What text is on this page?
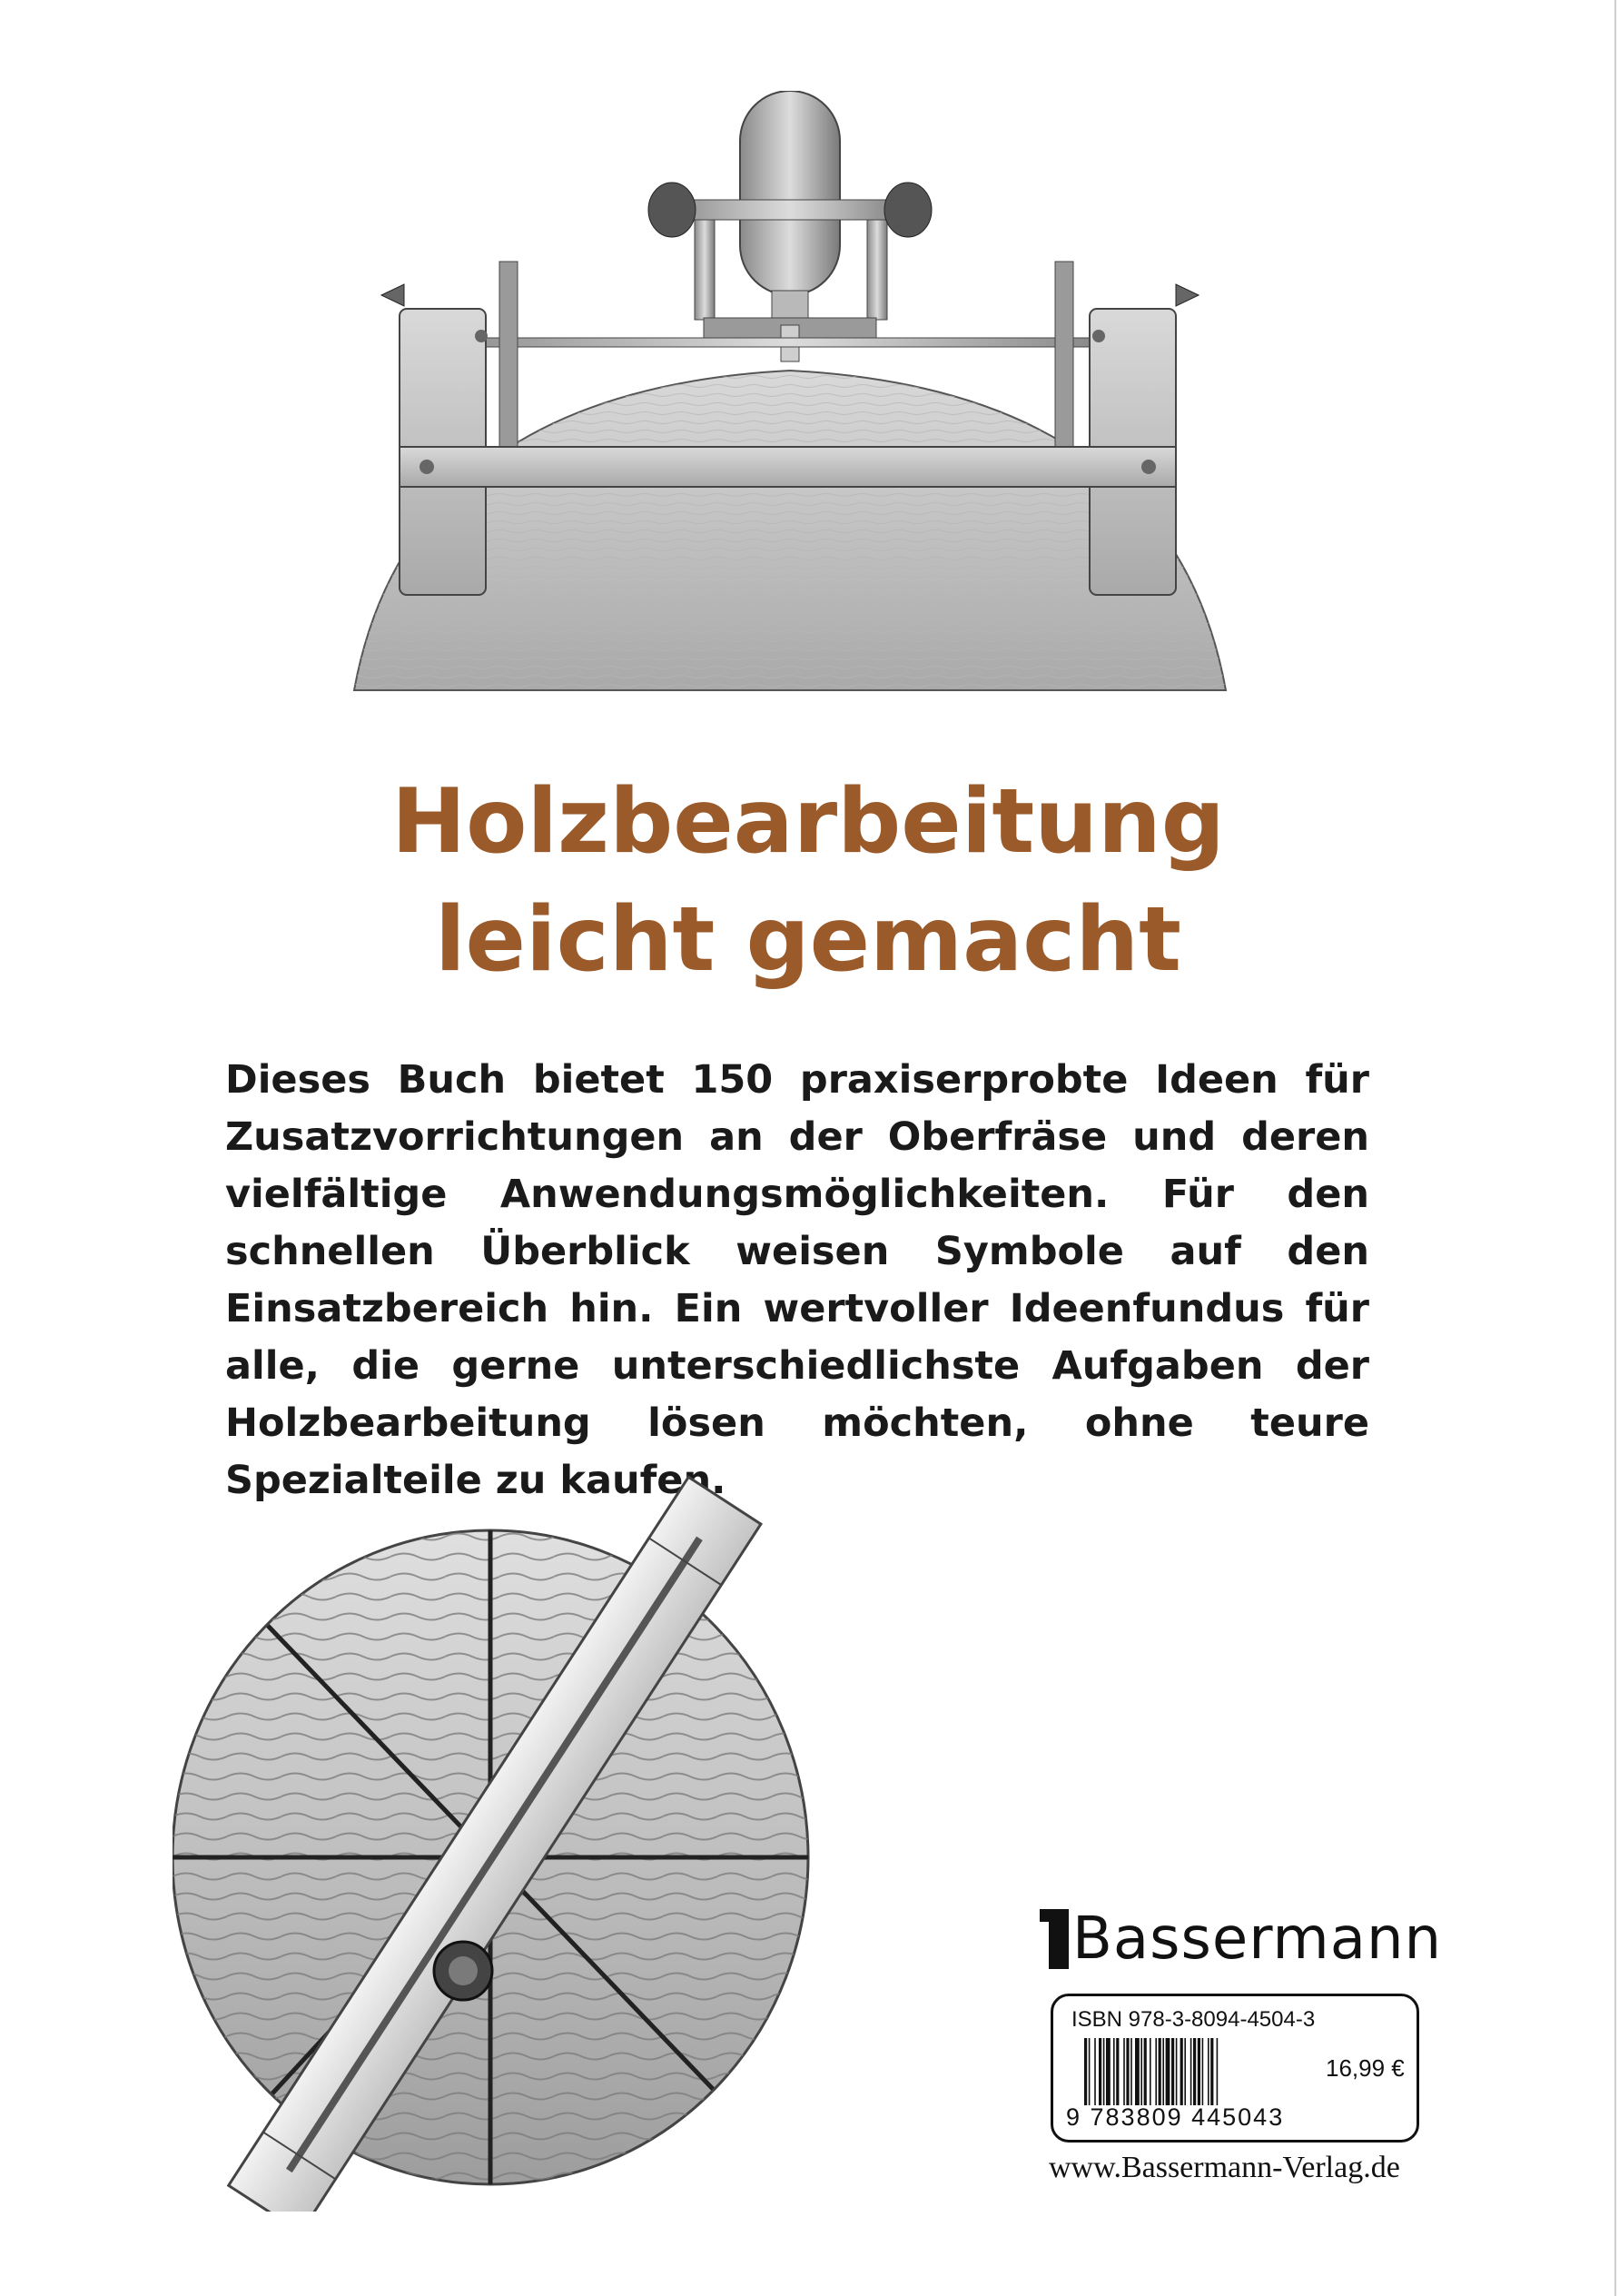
Holzbearbeitung
leicht gemacht

Dieses Buch bietet 150 praxiserprobte Ideen für Zusatzvorrichtungen an der Oberfräse und deren vielfältige Anwendungsmöglichkeiten. Für den schnellen Überblick weisen Symbole auf den Einsatzbereich hin. Ein wertvoller Ideenfundus für alle, die gerne unterschiedlichste Aufgaben der Holzbearbeitung lösen möchten, ohne teure Spezialteile zu kaufen.

Bassermann
ISBN 978-3-8094-4504-3
9 783809 445043
16,99 €
www.Bassermann-Verlag.de
